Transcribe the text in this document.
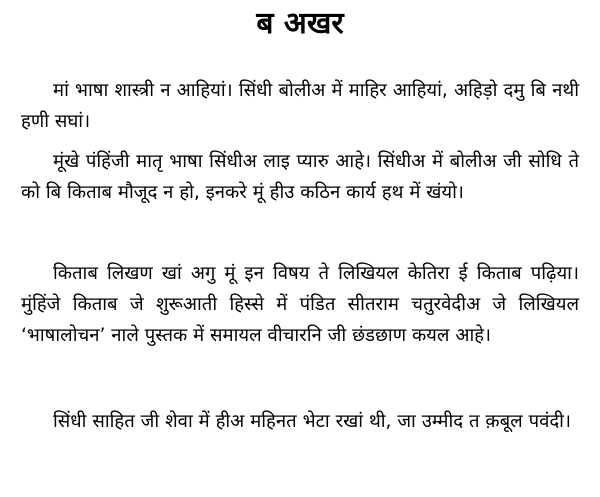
ब अखर

मां भाषा शास्त्री न आहियां। सिंधी बोलीअ में माहिर आहियां, अहिड़ो दमु बि नथी हणी सघां।

मूंखे पंहिंजी मातृ भाषा सिंधीअ लाइ प्यारु आहे। सिंधीअ में बोलीअ जी सोधि ते को बि किताब मौजूद न हो, इनकरे मूं हीउ कठिन कार्य हथ में खंयो।

किताब लिखण खां अगु मूं इन विषय ते लिखियल केतिरा ई किताब पढ़िया। मुंहिंजे किताब जे शुरूआती हिस्से में पंडित सीतराम चतुरवेदीअ जे लिखियल ‘भाषालोचन’ नाले पुस्तक में समायल वीचारनि जी छंडछाण कयल आहे।

सिंधी साहित जी शेवा में हीअ महिनत भेटा रखां थी, जा उम्मीद त क़बूल पवंदी।
